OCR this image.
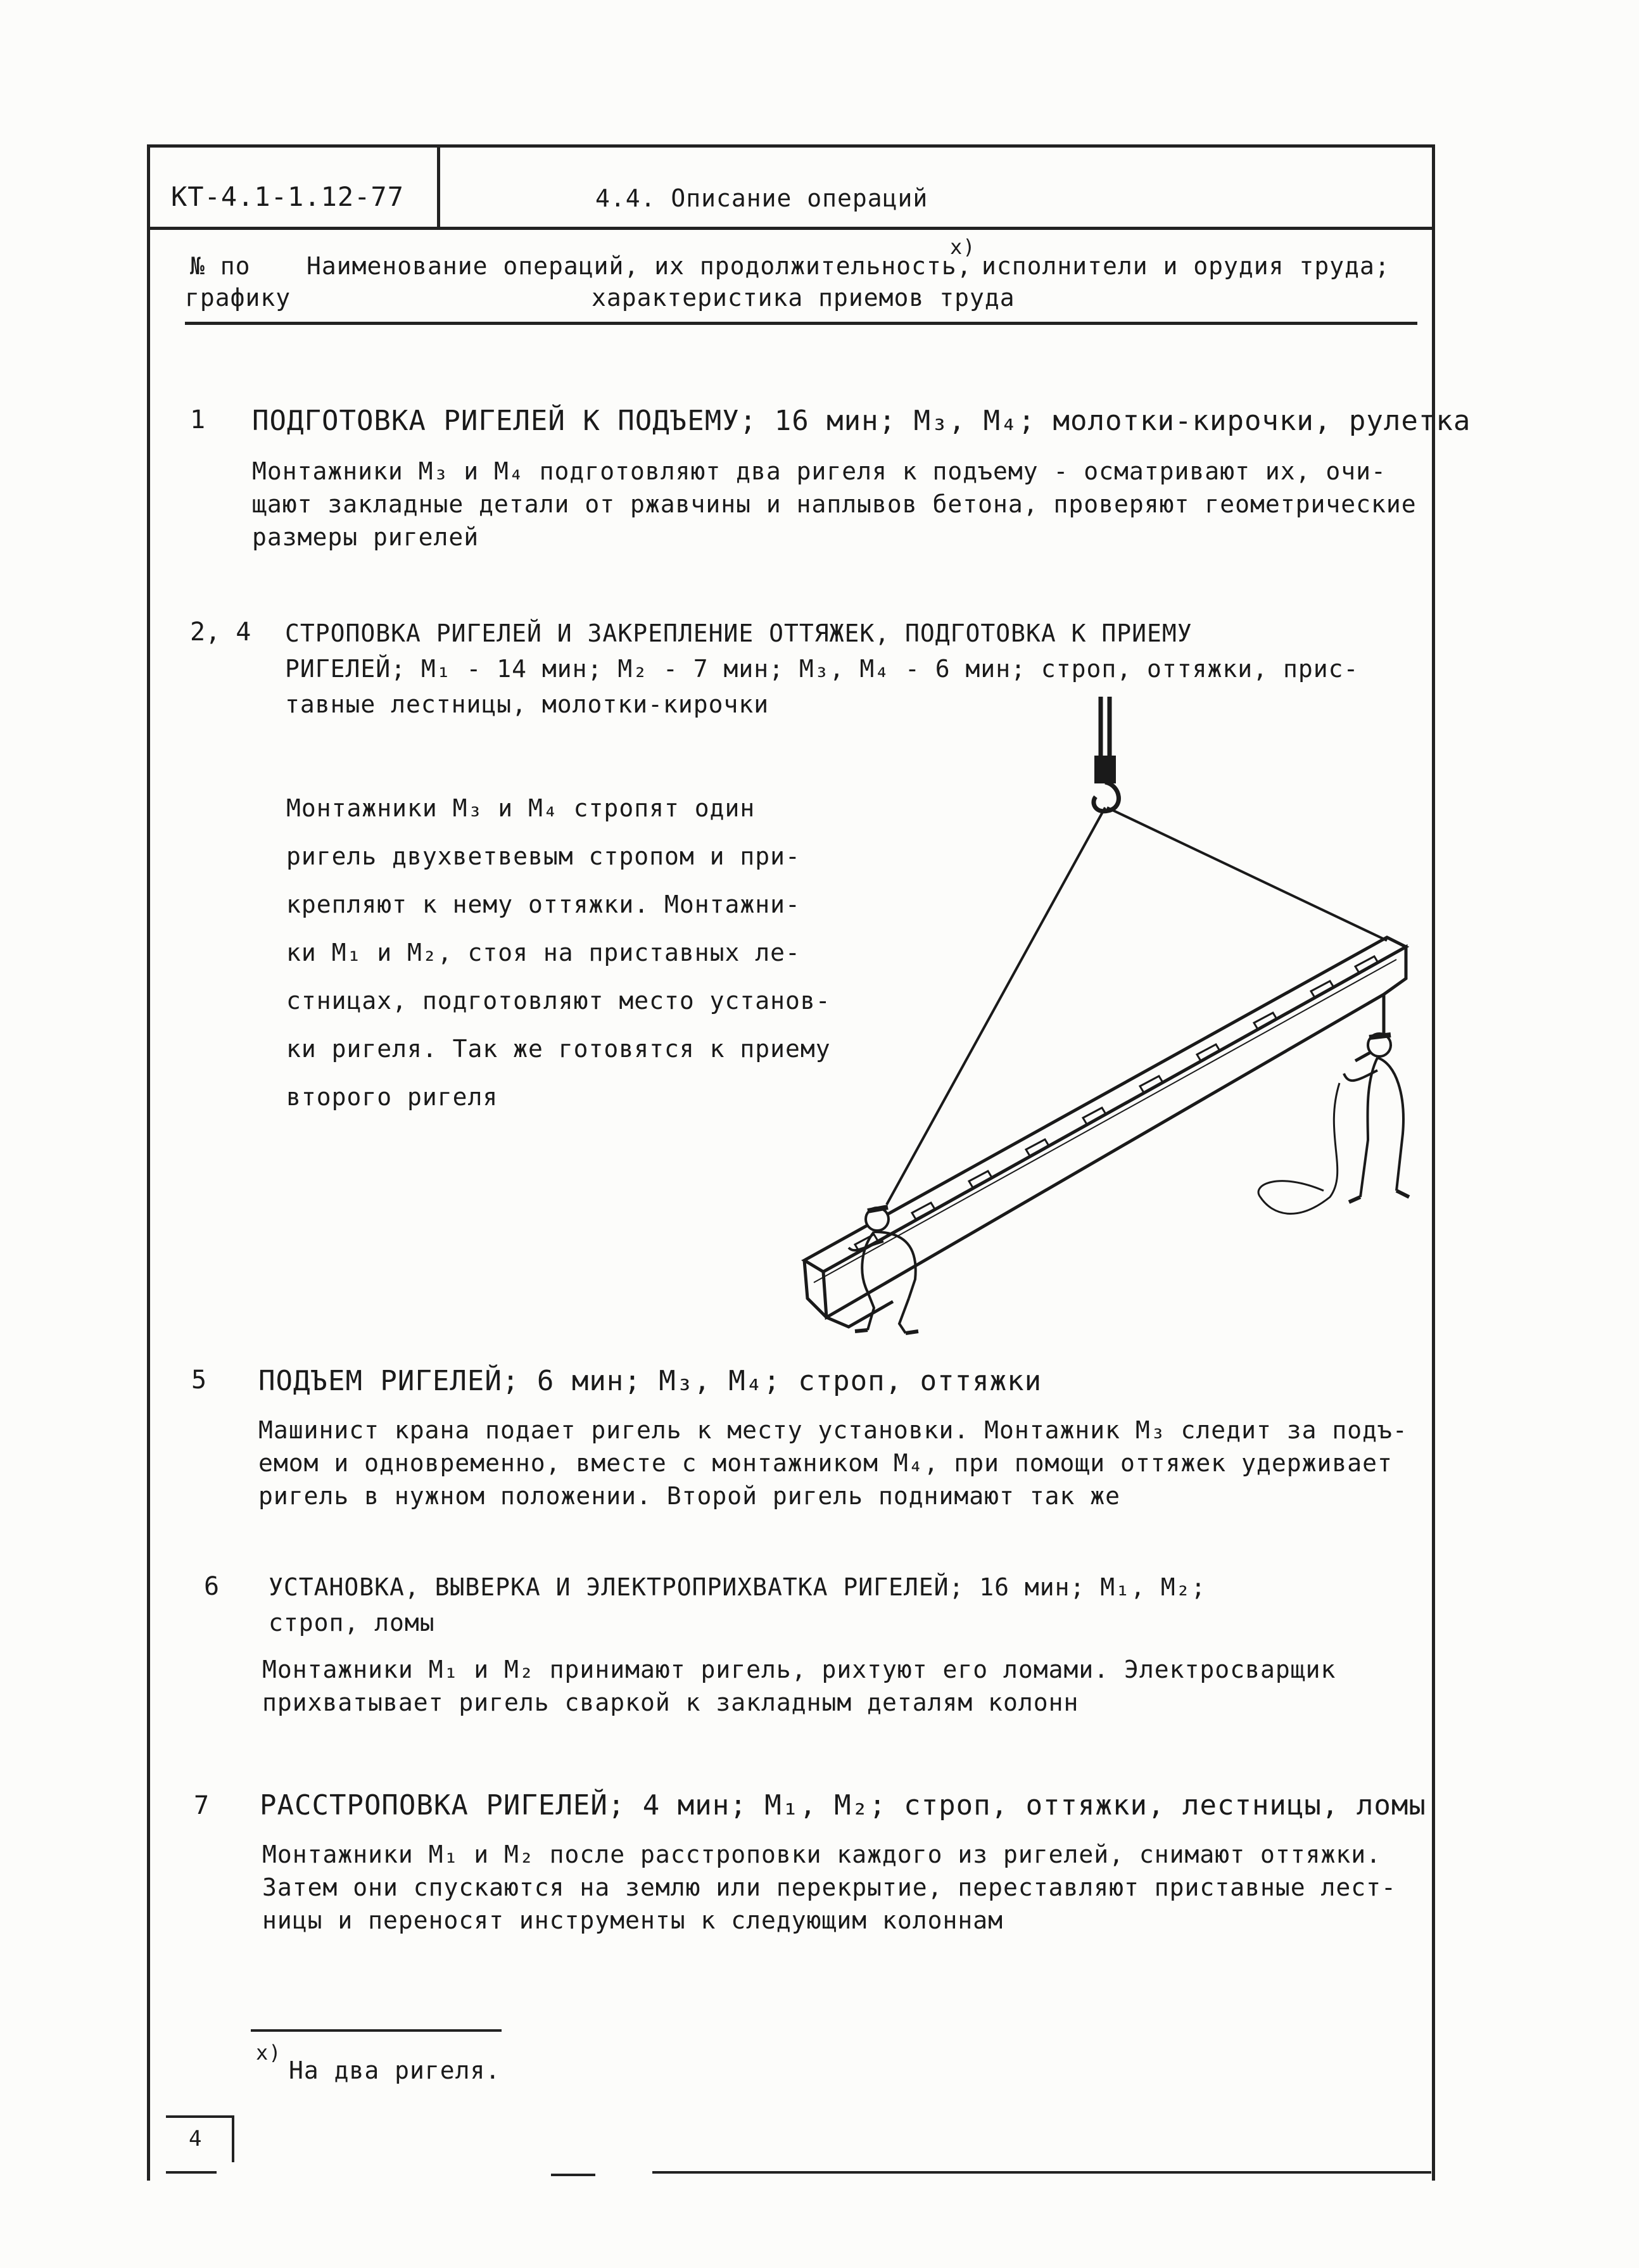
КТ-4.1-1.12-77	4.4. Описание операций
№ по
графику
Наименование операций, их продолжительность,
x)
исполнители и орудия труда;
характеристика приемов труда
1 ПОДГОТОВКА РИГЕЛЕЙ К ПОДЪЕМУ; 16 мин; М₃, М₄; молотки-кирочки, рулетка
Монтажники М₃ и М₄ подготовляют два ригеля к подъему - осматривают их, очи-
щают закладные детали от ржавчины и наплывов бетона, проверяют геометрические
размеры ригелей
2, 4 СТРОПОВКА РИГЕЛЕЙ И ЗАКРЕПЛЕНИЕ ОТТЯЖЕК, ПОДГОТОВКА К ПРИЕМУ
РИГЕЛЕЙ; М₁ - 14 мин; М₂ - 7 мин; М₃, М₄ - 6 мин; строп, оттяжки, прис-
тавные лестницы, молотки-кирочки
Монтажники М₃ и М₄ стропят один
ригель двухветвевым стропом и при-
крепляют к нему оттяжки. Монтажни-
ки М₁ и М₂, стоя на приставных ле-
стницах, подготовляют место установ-
ки ригеля. Так же готовятся к приему
второго ригеля
5 ПОДЪЕМ РИГЕЛЕЙ; 6 мин; М₃, М₄; строп, оттяжки
Машинист крана подает ригель к месту установки. Монтажник М₃ следит за подъ-
емом и одновременно, вместе с монтажником М₄, при помощи оттяжек удерживает
ригель в нужном положении. Второй ригель поднимают так же
6 УСТАНОВКА, ВЫВЕРКА И ЭЛЕКТРОПРИХВАТКА РИГЕЛЕЙ; 16 мин; М₁, М₂;
строп, ломы
Монтажники М₁ и М₂ принимают ригель, рихтуют его ломами. Электросварщик
прихватывает ригель сваркой к закладным деталям колонн
7 РАССТРОПОВКА РИГЕЛЕЙ; 4 мин; М₁, М₂; строп, оттяжки, лестницы, ломы
Монтажники М₁ и М₂ после расстроповки каждого из ригелей, снимают оттяжки.
Затем они спускаются на землю или перекрытие, переставляют приставные лест-
ницы и переносят инструменты к следующим колоннам
x)
На два ригеля.
4
